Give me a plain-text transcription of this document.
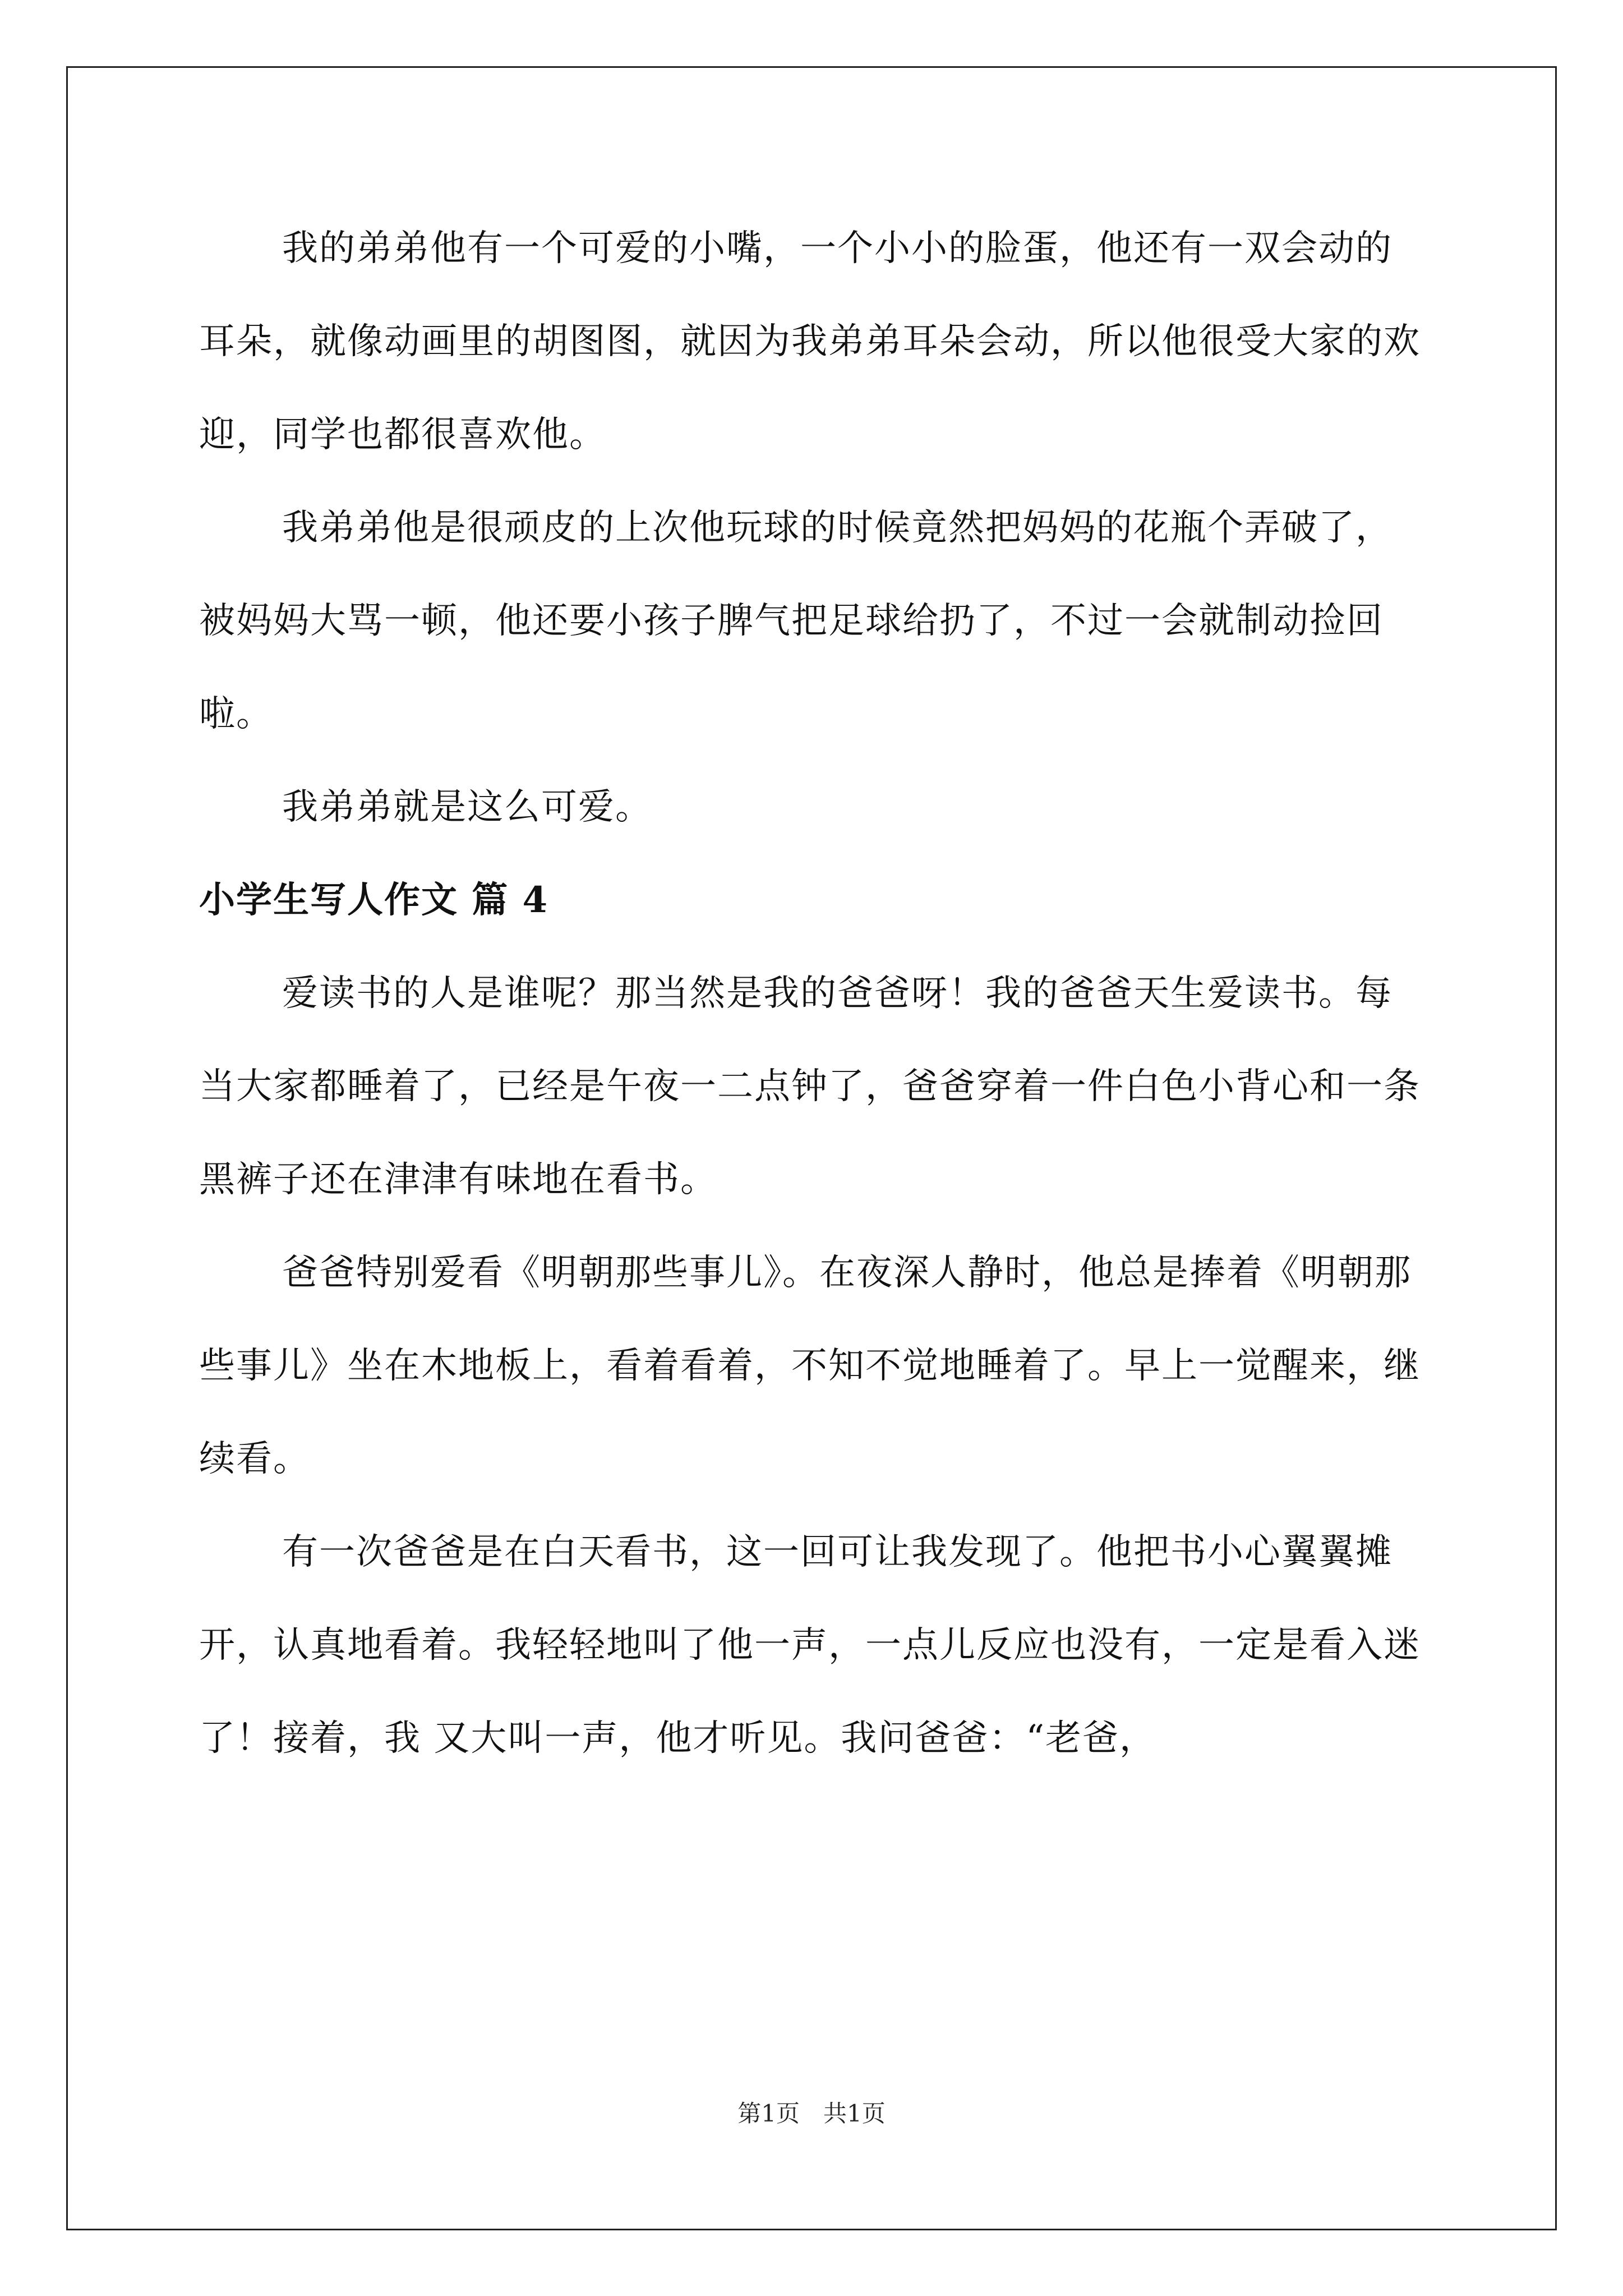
我的弟弟他有一个可爱的小嘴，一个小小的脸蛋，他还有一双会动的耳朵，就像动画里的胡图图，就因为我弟弟耳朵会动，所以他很受大家的欢迎，同学也都很喜欢他。

我弟弟他是很顽皮的上次他玩球的时候竟然把妈妈的花瓶个弄破了，被妈妈大骂一顿，他还要小孩子脾气把足球给扔了，不过一会就制动捡回啦。

我弟弟就是这么可爱。

小学生写人作文 篇 4

爱读书的人是谁呢？那当然是我的爸爸呀！我的爸爸天生爱读书。每当大家都睡着了，已经是午夜一二点钟了，爸爸穿着一件白色小背心和一条黑裤子还在津津有味地在看书。

爸爸特别爱看《明朝那些事儿》。在夜深人静时，他总是捧着《明朝那些事儿》坐在木地板上，看着看着，不知不觉地睡着了。早上一觉醒来，继续看。

有一次爸爸是在白天看书，这一回可让我发现了。他把书小心翼翼摊开，认真地看着。我轻轻地叫了他一声，一点儿反应也没有，一定是看入迷了！接着，我 又大叫一声，他才听见。我问爸爸：“老爸，

第1页　共1页
